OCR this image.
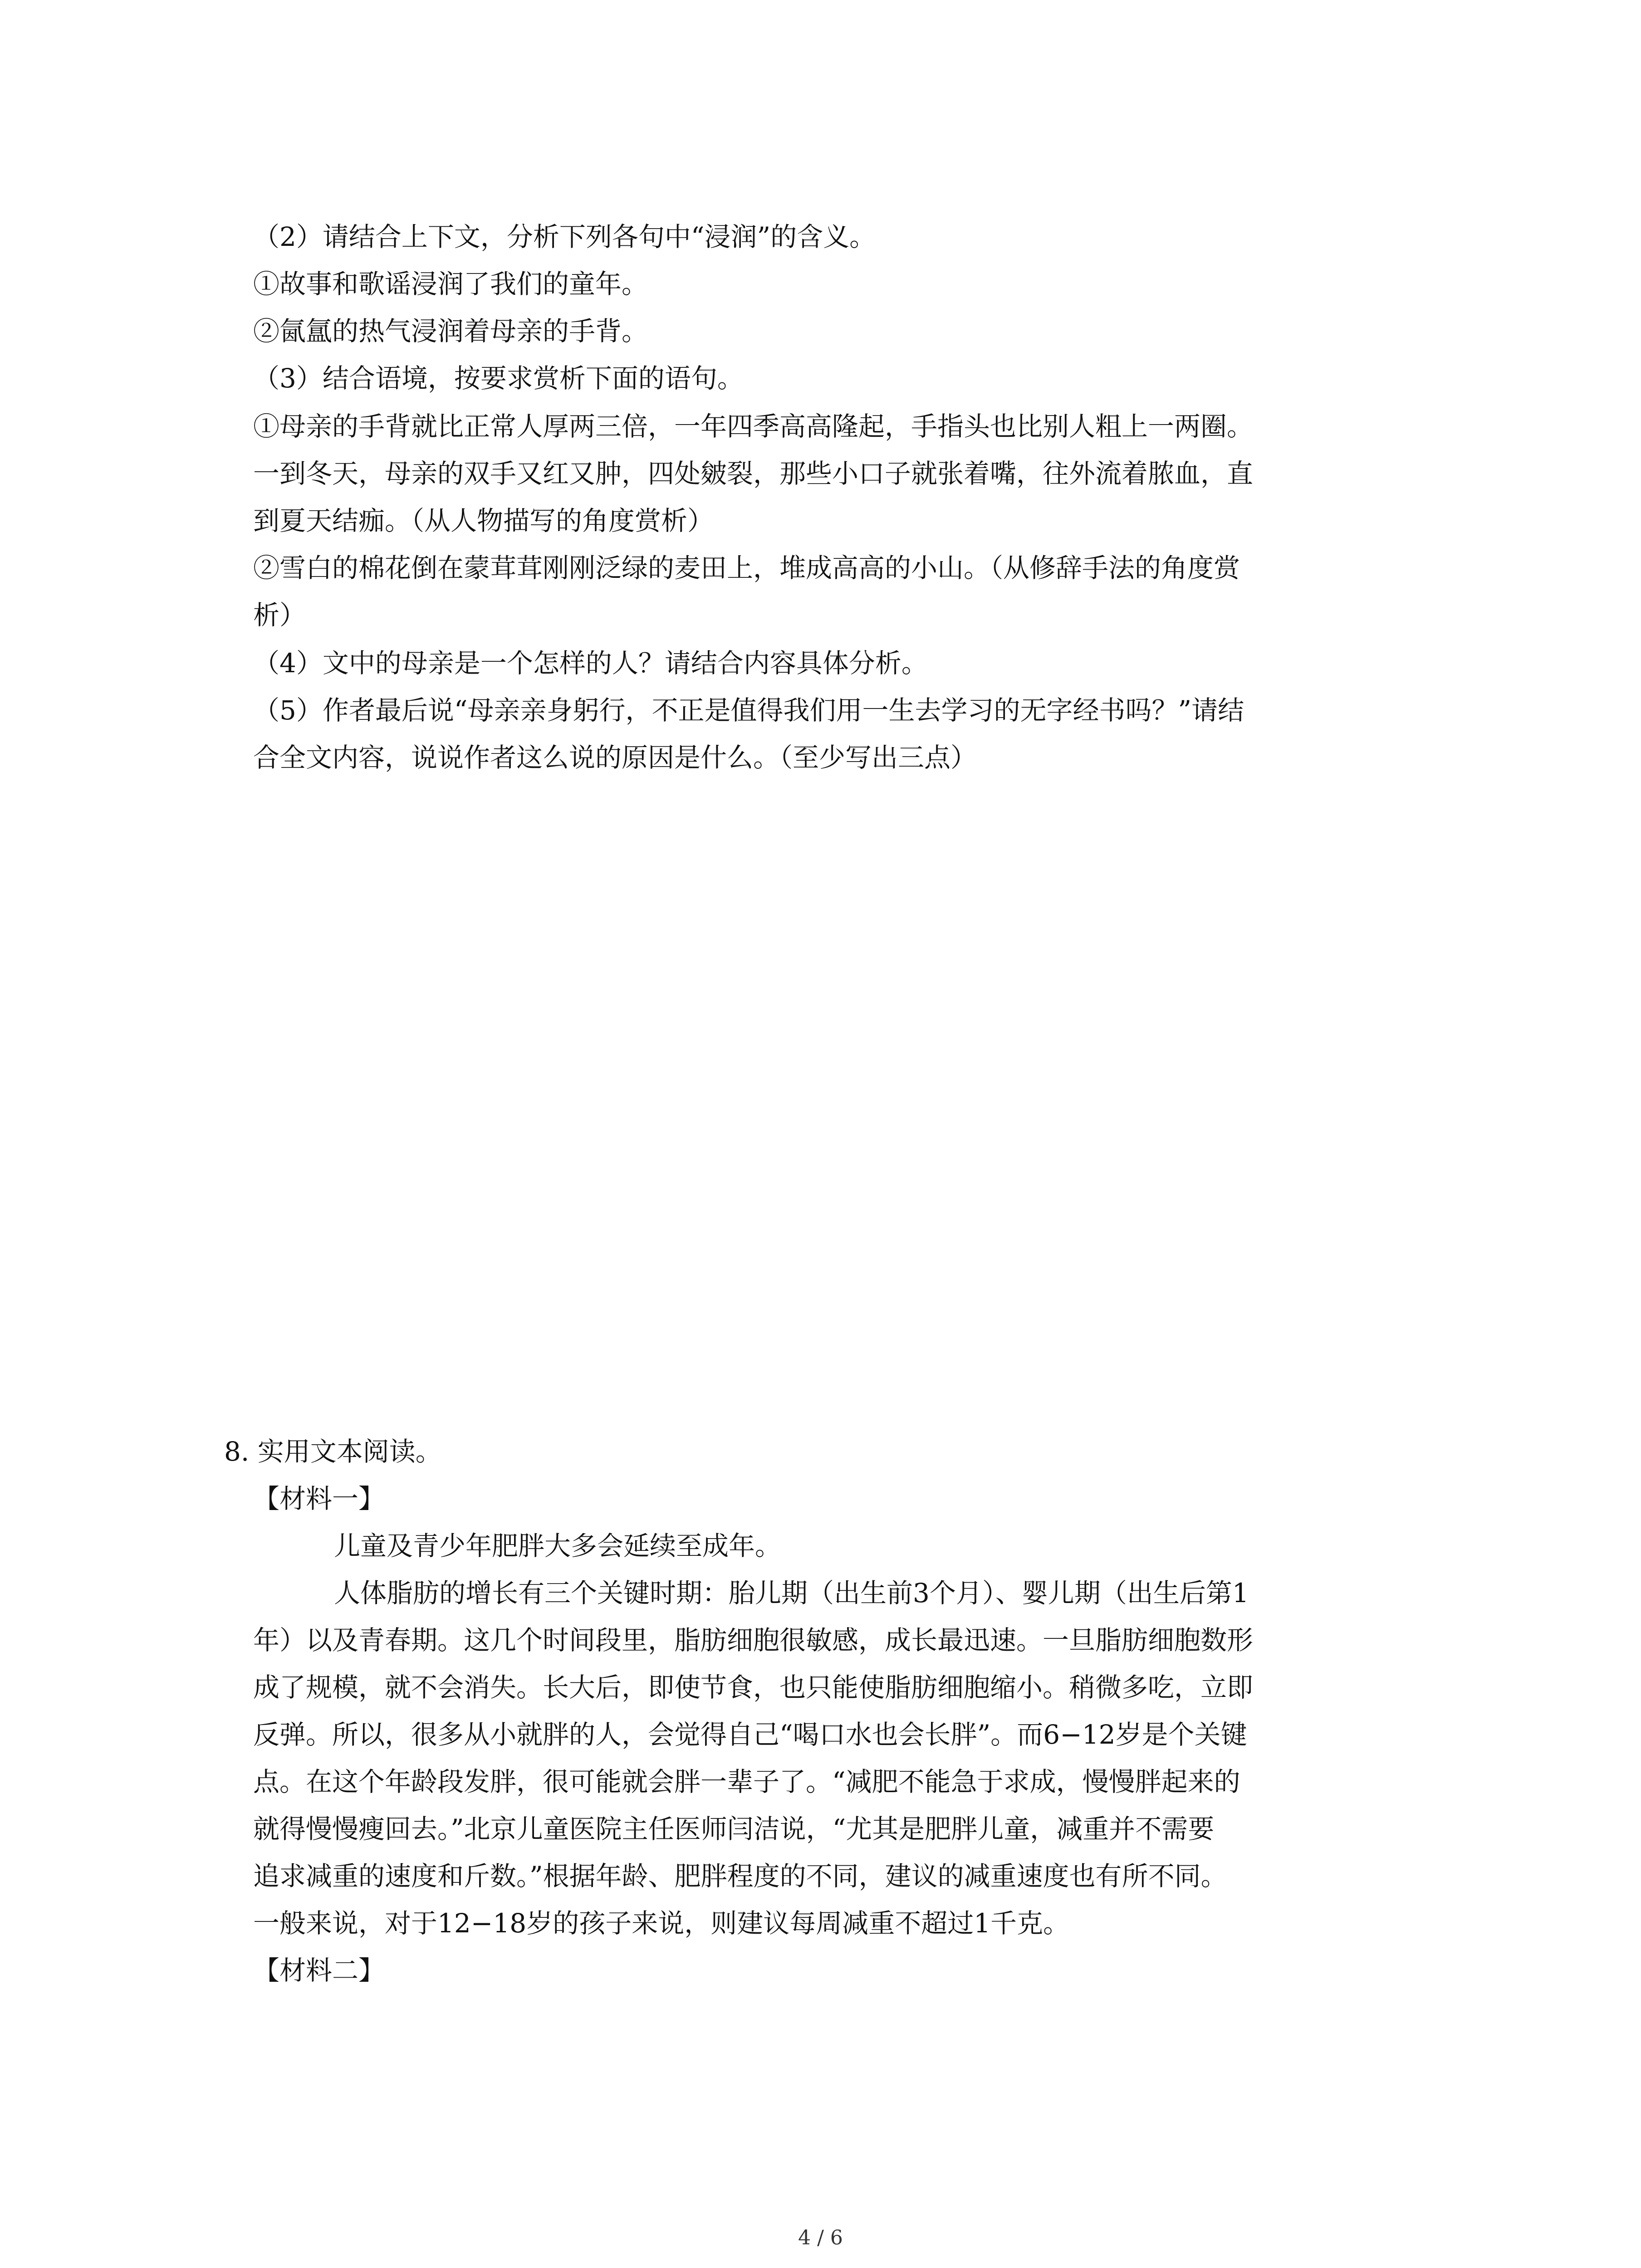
（2）请结合上下文，分析下列各句中“浸润”的含义。
①故事和歌谣浸润了我们的童年。
②氤氲的热气浸润着母亲的手背。
（3）结合语境，按要求赏析下面的语句。
①母亲的手背就比正常人厚两三倍，一年四季高高隆起，手指头也比别人粗上一两圈。
一到冬天，母亲的双手又红又肿，四处皴裂，那些小口子就张着嘴，往外流着脓血，直
到夏天结痂。（从人物描写的角度赏析）
②雪白的棉花倒在蒙茸茸刚刚泛绿的麦田上，堆成高高的小山。（从修辞手法的角度赏
析）
（4）文中的母亲是一个怎样的人？请结合内容具体分析。
（5）作者最后说“母亲亲身躬行，不正是值得我们用一生去学习的无字经书吗？”请结
合全文内容，说说作者这么说的原因是什么。（至少写出三点）
8. 实用文本阅读。
【材料一】
儿童及青少年肥胖大多会延续至成年。
人体脂肪的增长有三个关键时期：胎儿期（出生前3个月）、婴儿期（出生后第1
年）以及青春期。这几个时间段里，脂肪细胞很敏感，成长最迅速。一旦脂肪细胞数形
成了规模，就不会消失。长大后，即使节食，也只能使脂肪细胞缩小。稍微多吃，立即
反弹。所以，很多从小就胖的人，会觉得自己“喝口水也会长胖”。而6−12岁是个关键
点。在这个年龄段发胖，很可能就会胖一辈子了。“减肥不能急于求成，慢慢胖起来的
就得慢慢瘦回去。”北京儿童医院主任医师闫洁说，“尤其是肥胖儿童，减重并不需要
追求减重的速度和斤数。”根据年龄、肥胖程度的不同，建议的减重速度也有所不同。
一般来说，对于12−18岁的孩子来说，则建议每周减重不超过1千克。
【材料二】
4 / 6
